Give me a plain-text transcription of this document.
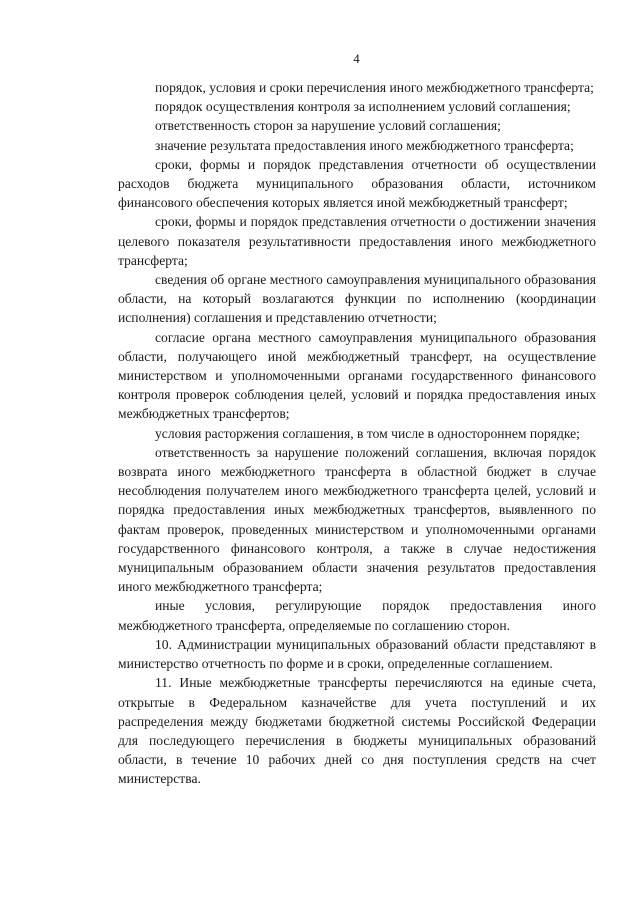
4

порядок, условия и сроки перечисления иного межбюджетного трансферта;

порядок осуществления контроля за исполнением условий соглашения;

ответственность сторон за нарушение условий соглашения;

значение результата предоставления иного межбюджетного трансферта;

сроки, формы и порядок представления отчетности об осуществлении расходов бюджета муниципального образования области, источником финансового обеспечения которых является иной межбюджетный трансферт;

сроки, формы и порядок представления отчетности о достижении значения целевого показателя результативности предоставления иного межбюджетного трансферта;

сведения об органе местного самоуправления муниципального образования области, на который возлагаются функции по исполнению (координации исполнения) соглашения и представлению отчетности;

согласие органа местного самоуправления муниципального образования области, получающего иной межбюджетный трансферт, на осуществление министерством и уполномоченными органами государственного финансового контроля проверок соблюдения целей, условий и порядка предоставления иных межбюджетных трансфертов;

условия расторжения соглашения, в том числе в одностороннем порядке;

ответственность за нарушение положений соглашения, включая порядок возврата иного межбюджетного трансферта в областной бюджет в случае несоблюдения получателем иного межбюджетного трансферта целей, условий и порядка предоставления иных межбюджетных трансфертов, выявленного по фактам проверок, проведенных министерством и уполномоченными органами государственного финансового контроля, а также в случае недостижения муниципальным образованием области значения результатов предоставления иного межбюджетного трансферта;

иные условия, регулирующие порядок предоставления иного межбюджетного трансферта, определяемые по соглашению сторон.

10. Администрации муниципальных образований области представляют в министерство отчетность по форме и в сроки, определенные соглашением.

11. Иные межбюджетные трансферты перечисляются на единые счета, открытые в Федеральном казначействе для учета поступлений и их распределения между бюджетами бюджетной системы Российской Федерации для последующего перечисления в бюджеты муниципальных образований области, в течение 10 рабочих дней со дня поступления средств на счет министерства.
